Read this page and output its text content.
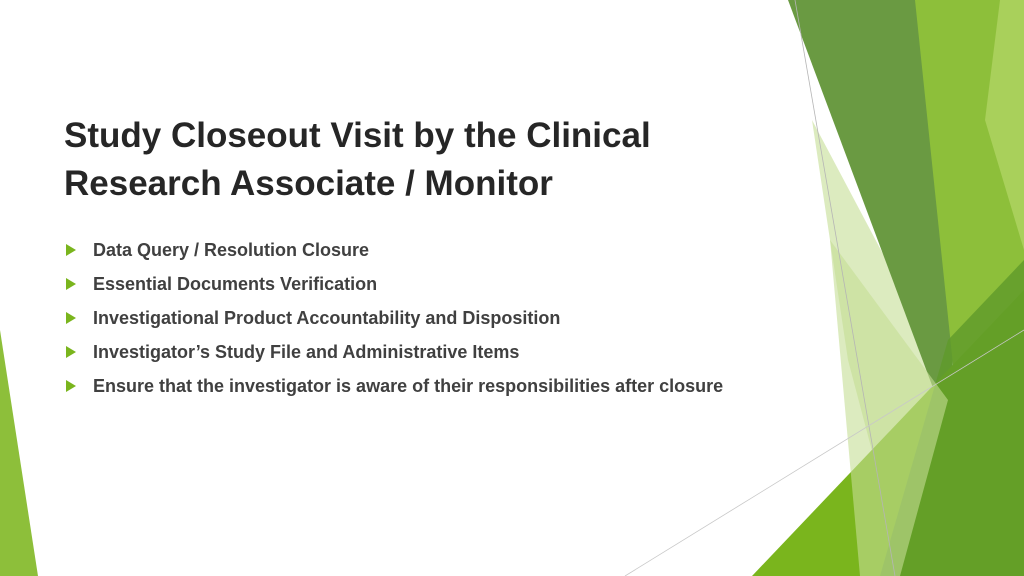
Study Closeout Visit by the Clinical
Research Associate / Monitor
Data Query / Resolution Closure
Essential Documents Verification
Investigational Product Accountability and Disposition
Investigator’s Study File and Administrative Items
Ensure that the investigator is aware of their responsibilities after closure
